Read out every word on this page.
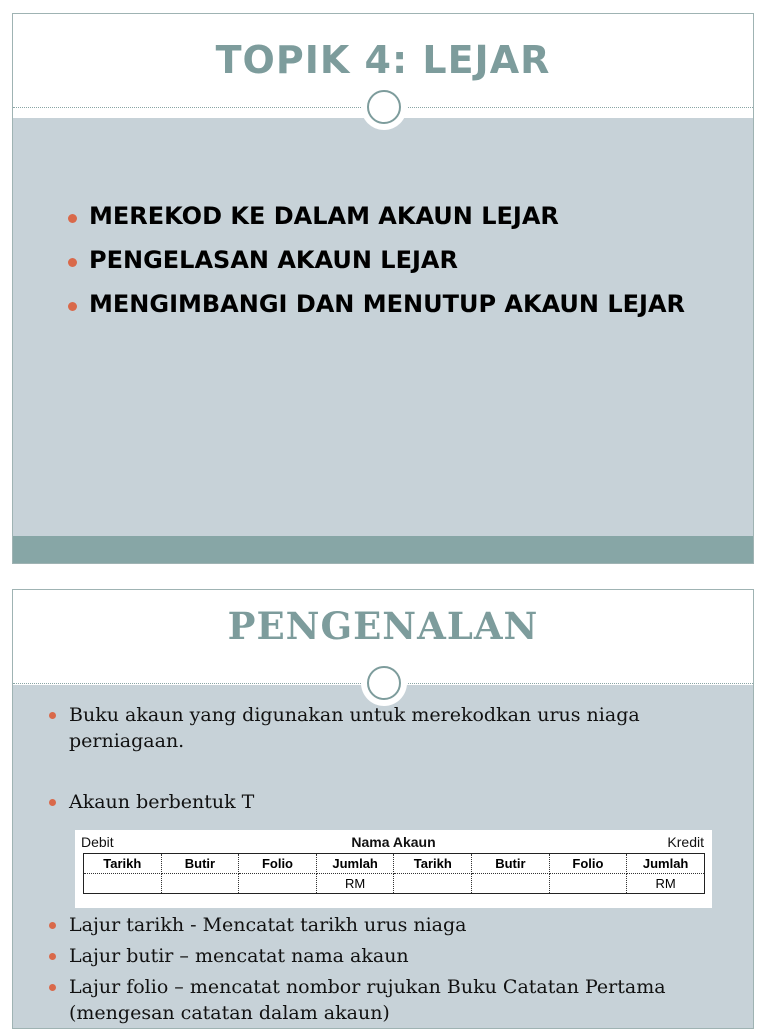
TOPIK 4: LEJAR
MEREKOD KE DALAM AKAUN LEJAR
PENGELASAN AKAUN LEJAR
MENGIMBANGI DAN MENUTUP AKAUN LEJAR
PENGENALAN
Buku akaun yang digunakan untuk merekodkan urus niaga perniagaan.
Akaun berbentuk T
Lajur tarikh - Mencatat tarikh urus niaga
Lajur butir – mencatat nama akaun
Lajur folio – mencatat nombor rujukan Buku Catatan Pertama (mengesan catatan dalam akaun)
Nama Akaun
Debit	Kredit
Tarikh	Butir	Folio	Jumlah	Tarikh	Butir	Folio	Jumlah
			RM				RM
